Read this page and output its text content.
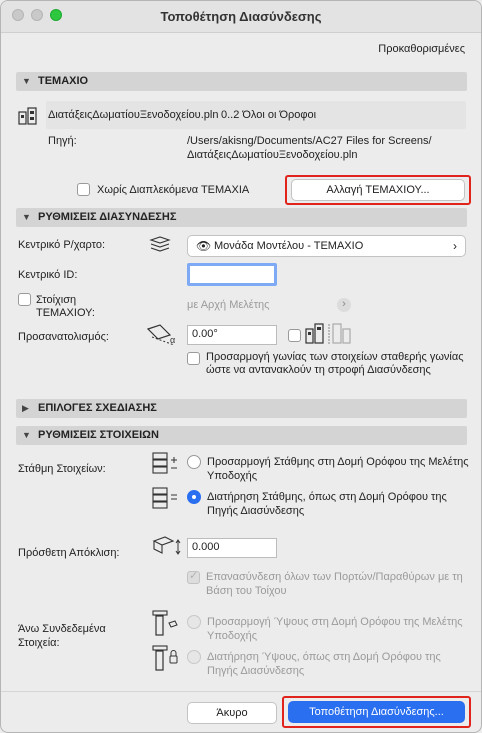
Τοποθέτηση Διασύνδεσης
Προκαθορισμένες
▼ ΤΕΜΑΧΙΟ
ΔιατάξειςΔωματίουΞενοδοχείου.pln 0..2 Όλοι οι Όροφοι
Πηγή:	/Users/akisng/Documents/AC27 Files for Screens/
ΔιατάξειςΔωματίουΞενοδοχείου.pln
Χωρίς Διαπλεκόμενα ΤΕΜΑΧΙΑ	Αλλαγή ΤΕΜΑΧΙΟΥ...
▼ ΡΥΘΜΙΣΕΙΣ ΔΙΑΣΥΝΔΕΣΗΣ
Κεντρικό Ρ/χαρτο:	👁 Μονάδα Μοντέλου - ΤΕΜΑΧΙΟ	›
Κεντρικό ID:
Στοίχιση
ΤΕΜΑΧΙΟΥ:
με Αρχή Μελέτης	›
Προσανατολισμός:	α	0.00°
Προσαρμογή γωνίας των στοιχείων σταθερής γωνίας ώστε να αντανακλούν τη στροφή Διασύνδεσης
▶ ΕΠΙΛΟΓΕΣ ΣΧΕΔΙΑΣΗΣ
▼ ΡΥΘΜΙΣΕΙΣ ΣΤΟΙΧΕΙΩΝ
Στάθμη Στοιχείων:
Προσαρμογή Στάθμης στη Δομή Ορόφου της Μελέτης Υποδοχής
Διατήρηση Στάθμης, όπως στη Δομή Ορόφου της Πηγής Διασύνδεσης
Πρόσθετη Απόκλιση:	0.000
✓ Επανασύνδεση όλων των Πορτών/Παραθύρων με τη Βάση του Τοίχου
Άνω Συνδεδεμένα
Στοιχεία:
Προσαρμογή Ύψους στη Δομή Ορόφου της Μελέτης Υποδοχής
Διατήρηση Ύψους, όπως στη Δομή Ορόφου της Πηγής Διασύνδεσης
Άκυρο	Τοποθέτηση Διασύνδεσης...
